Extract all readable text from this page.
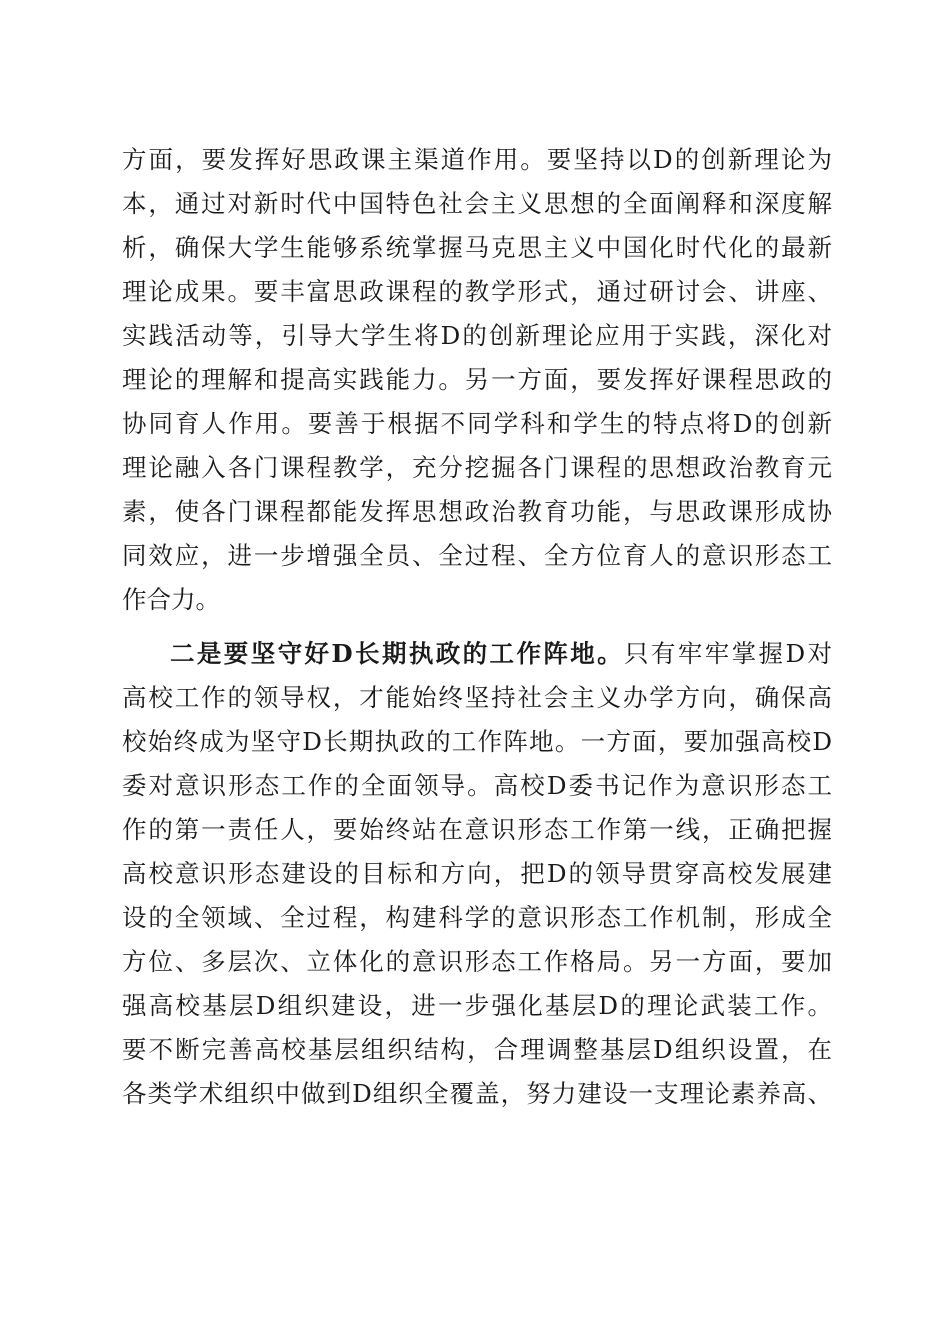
方面，要发挥好思政课主渠道作用。要坚持以D的创新理论为
本，通过对新时代中国特色社会主义思想的全面阐释和深度解
析，确保大学生能够系统掌握马克思主义中国化时代化的最新
理论成果。要丰富思政课程的教学形式，通过研讨会、讲座、
实践活动等，引导大学生将D的创新理论应用于实践，深化对
理论的理解和提高实践能力。另一方面，要发挥好课程思政的
协同育人作用。要善于根据不同学科和学生的特点将D的创新
理论融入各门课程教学，充分挖掘各门课程的思想政治教育元
素，使各门课程都能发挥思想政治教育功能，与思政课形成协
同效应，进一步增强全员、全过程、全方位育人的意识形态工
作合力。
二是要坚守好D长期执政的工作阵地。只有牢牢掌握D对
高校工作的领导权，才能始终坚持社会主义办学方向，确保高
校始终成为坚守D长期执政的工作阵地。一方面，要加强高校D
委对意识形态工作的全面领导。高校D委书记作为意识形态工
作的第一责任人，要始终站在意识形态工作第一线，正确把握
高校意识形态建设的目标和方向，把D的领导贯穿高校发展建
设的全领域、全过程，构建科学的意识形态工作机制，形成全
方位、多层次、立体化的意识形态工作格局。另一方面，要加
强高校基层D组织建设，进一步强化基层D的理论武装工作。
要不断完善高校基层组织结构，合理调整基层D组织设置，在
各类学术组织中做到D组织全覆盖，努力建设一支理论素养高、
